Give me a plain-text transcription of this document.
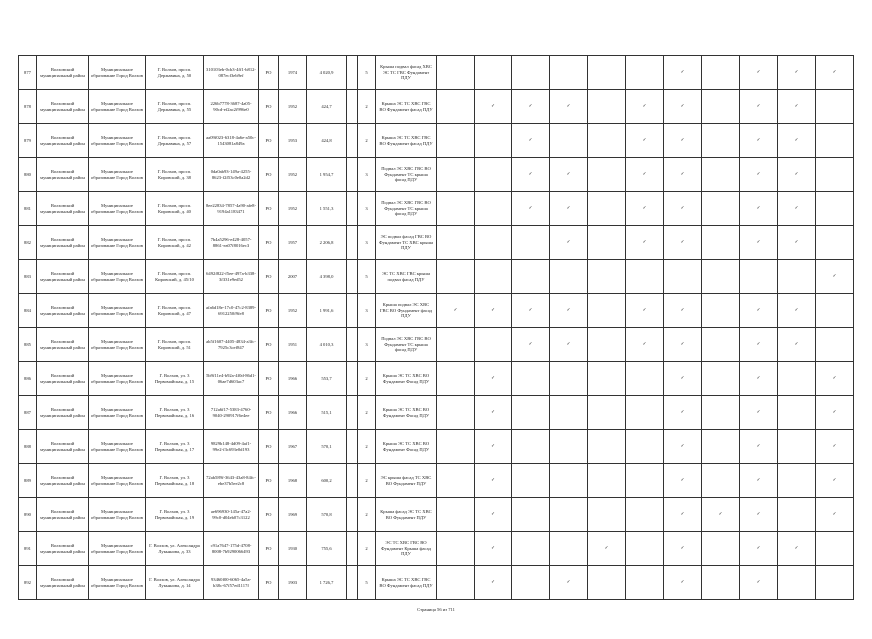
877	Волховский муниципальный район	Муниципальное образование Город Волхов	Г. Волхов, просп. Державина, д. 50	310103eb-0cb3-4ff1-b812-087ecf3eb9ef	РО	1974	4 020,9		5	Крыша подвал фасад ХВС ЭС ТС ГВС Фундамент ПДУ							✓		✓	✓	✓
878	Волховский муниципальный район	Муниципальное образование Город Волхов	Г. Волхов, просп. Державина, д. 55	226b7778-3687-4a05-90cd-ef2ac2f996e0	РО	1952	424,7		2	Крыша ЭС ТС ХВС ГВС ВО Фундамент фасад ПДУ		✓	✓	✓		✓	✓		✓	✓	
879	Волховский муниципальный район	Муниципальное образование Город Волхов	Г. Волхов, просп. Державина, д. 57	aa09f023-6318-4a6e-a50c-1543081a849a	РО	1953	424,8		2	Крыша ЭС ТС ХВС ГВС ВО Фундамент фасад ПДУ			✓			✓	✓		✓	✓	
880	Волховский муниципальный район	Муниципальное образование Город Волхов	Г. Волхов, просп. Кировский, д. 38	0da0ab93-149a-4255-8623-f2f53c0e0a2d2	РО	1952	1 954,7		3	Подвал ЭС ХВС ГВС ВО Фундамент ТС крыша фасад ПДУ			✓	✓		✓	✓		✓	✓	
881	Волховский муниципальный район	Муниципальное образование Город Волхов	Г. Волхов, просп. Кировский, д. 40	8ee22834-7857-4a90-afe8-9194a1183471	РО	1952	1 551,3		3	Подвал ЭС ХВС ГВС ВО Фундамент ТС крыша фасад ПДУ			✓	✓		✓	✓		✓	✓	
882	Волховский муниципальный район	Муниципальное образование Город Волхов	Г. Волхов, просп. Кировский, д. 42	7b4a5296-e428-4057-8861-ea07f8016ec3	РО	1957	2 206,8		3	ЭС подвал фасад ГВС ВО Фундамент ТС ХВС крыша ПДУ				✓		✓	✓		✓	✓	
883	Волховский муниципальный район	Муниципальное образование Город Волхов	Г. Волхов, просп. Кировский, д. 45/10	6492f822-f5ee-497a-b338-3f331e9ed52	РО	2007	4 398,0		5	ЭС ТС ХВС ГВС крыша подвал фасад ПДУ											✓
884	Волховский муниципальный район	Муниципальное образование Город Волхов	Г. Волхов, просп. Кировский, д. 47	afa6d18e-17c0-47c2-8389-6912250f9fe8	РО	1952	1 991,6		3	Крыша подвал ЭС ХВС ГВС ВО Фундамент фасад ПДУ	✓	✓	✓	✓		✓	✓		✓	✓	
885	Волховский муниципальный район	Муниципальное образование Город Волхов	Г. Волхов, просп. Кировский, д. 51	ab5f1607-4405-4834-a3fc-7925c3cef847	РО	1951	4 010,3		3	Подвал ЭС ХВС ГВС ВО Фундамент ТС крыша фасад ПДУ			✓	✓		✓	✓		✓	✓	
886	Волховский муниципальный район	Муниципальное образование Город Волхов	Г. Волхов, ул. 3 Первомайская, д. 15	5b9f11e4-b92a-4f0d-86d1-06ae7d603ac7	РО	1966	553,7		2	Крыша ЭС ТС ХВС ВО Фундамент Фасад ПДУ		✓					✓		✓		✓
887	Волховский муниципальный район	Муниципальное образование Город Волхов	Г. Волхов, ул. 3 Первомайская, д. 16	712a6f17-5383-4760-9040-290917f6e4ee	РО	1966	515,1		2	Крыша ЭС ТС ХВС ВО Фундамент Фасад ПДУ		✓					✓		✓		✓
888	Волховский муниципальный район	Муниципальное образование Город Волхов	Г. Волхов, ул. 3 Первомайская, д. 17	9829b148-4d09-4af1-99e2-f3c693e0d193	РО	1967	570,1		2	Крыша ЭС ТС ХВС ВО Фундамент Фасад ПДУ		✓					✓		✓		✓
889	Волховский муниципальный район	Муниципальное образование Город Волхов	Г. Волхов, ул. 3 Первомайская, д. 18	72ab589f-3643-43a8-84fc-ebe37b5ee2c8	РО	1968	600,2		2	ЭС крыша фасад ТС ХВС ВО Фундамент ПДУ		✓					✓		✓		✓
890	Волховский муниципальный район	Муниципальное образование Город Волхов	Г. Волхов, ул. 3 Первомайская, д. 19	ae696930-145a-47a2-99c0-d04eb07c3122	РО	1969	570,8		2	Крыша фасад ЭС ТС ХВС ВО Фундамент ПДУ		✓					✓	✓	✓		✓
891	Волховский муниципальный район	Муниципальное образование Город Волхов	Г. Волхов, ул. Александра Лукьянова, д. 33	c91a7647-175d-4708-8008-7b9290066493	РО	1930	755,6		2	ЭС ТС ХВС ГВС ВО Фундамент Крыша фасад ПДУ		✓			✓		✓		✓	✓	
892	Волховский муниципальный район	Муниципальное образование Город Волхов	Г. Волхов, ул. Александра Лукьянова, д. 14	93460f00-6065-4a5a-b38c-67f57ed1117f	РО	1903	1 726,7		5	Крыша ЭС ТС ХВС ГВС ВО Фундамент фасад ПДУ		✓		✓			✓		✓		
Страница 56 из 711
